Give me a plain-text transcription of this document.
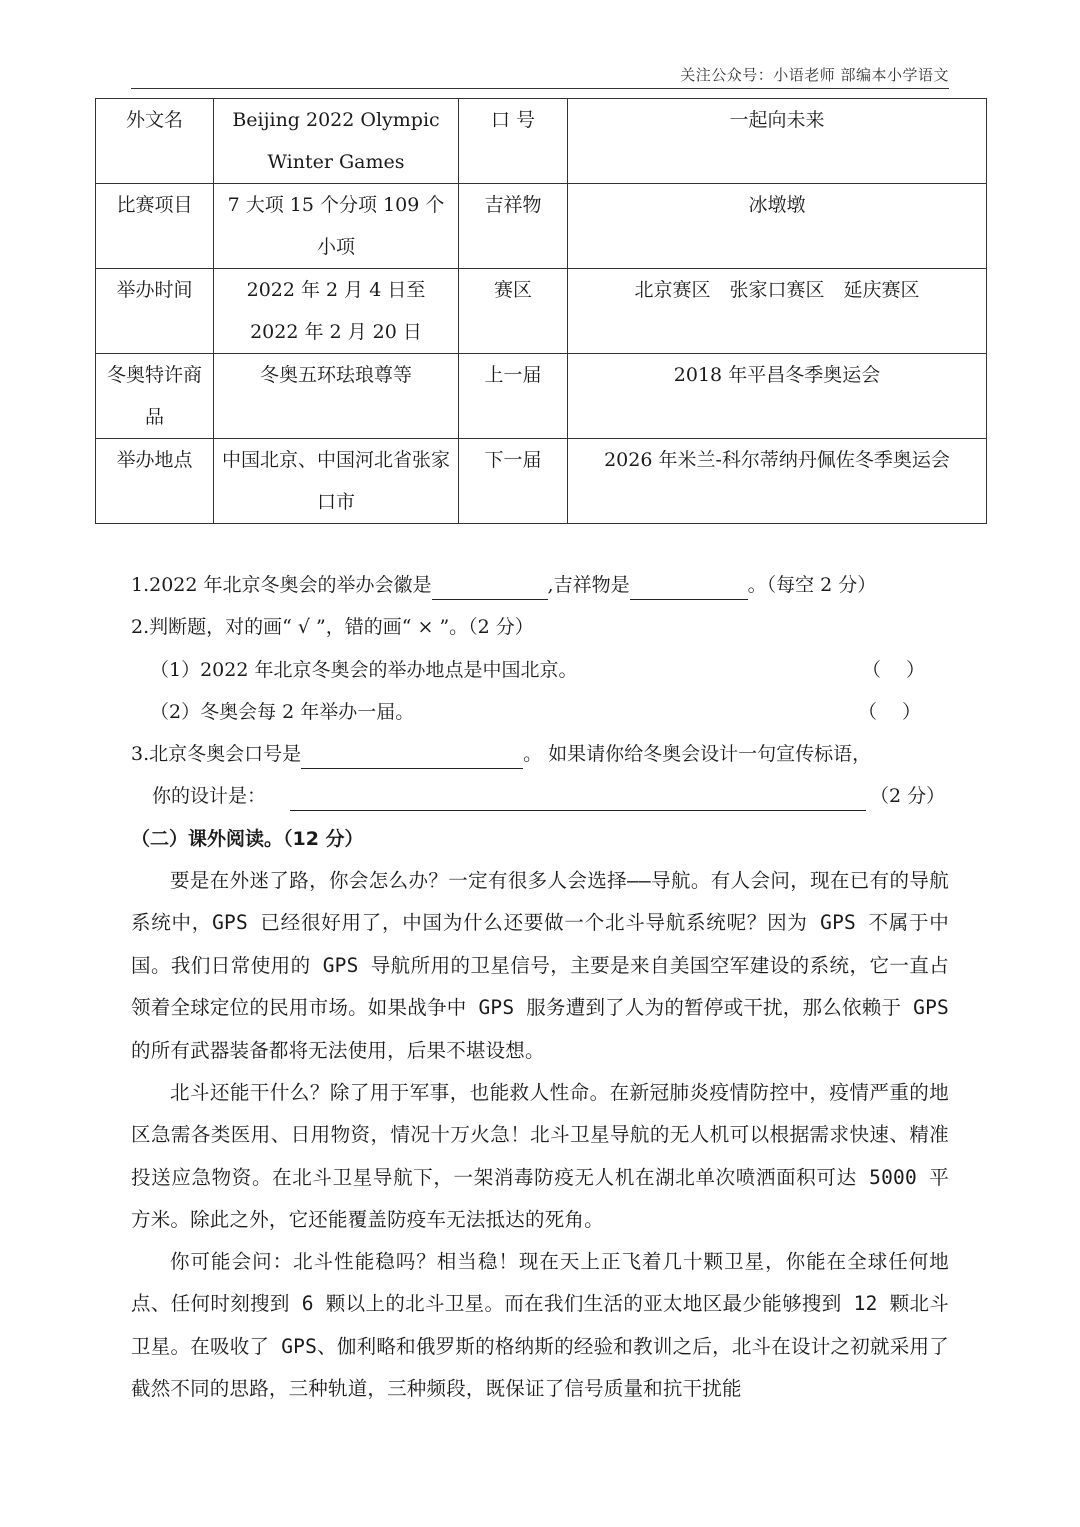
关注公众号：小语老师 部编本小学语文
外文名	Beijing 2022 Olympic Winter Games	口 号	一起向未来
比赛项目	7 大项 15 个分项 109 个小项	吉祥物	冰墩墩
举办时间	2022 年 2 月 4 日至 2022 年 2 月 20 日	赛区	北京赛区　张家口赛区　延庆赛区
冬奥特许商品	冬奥五环珐琅尊等	上一届	2018 年平昌冬季奥运会
举办地点	中国北京、中国河北省张家口市	下一届	2026 年米兰-科尔蒂纳丹佩佐冬季奥运会
1.2022 年北京冬奥会的举办会徽是	,吉祥物是	。（每空 2 分）
2.判断题，对的画“ √ ”，错的画“ × ”。（2 分）
（1）2022 年北京冬奥会的举办地点是中国北京。	（　 ）
（2）冬奥会每 2 年举办一届。	（　 ）
3.北京冬奥会口号是	。 如果请你给冬奥会设计一句宣传标语，
你的设计是：	（2 分）
（二）课外阅读。（12 分）

要是在外迷了路，你会怎么办？一定有很多人会选择——导航。有人会问，现在已有的导航系统中，GPS 已经很好用了，中国为什么还要做一个北斗导航系统呢？因为 GPS 不属于中国。我们日常使用的 GPS 导航所用的卫星信号，主要是来自美国空军建设的系统，它一直占领着全球定位的民用市场。如果战争中 GPS 服务遭到了人为的暂停或干扰，那么依赖于 GPS 的所有武器装备都将无法使用，后果不堪设想。

北斗还能干什么？除了用于军事，也能救人性命。在新冠肺炎疫情防控中，疫情严重的地区急需各类医用、日用物资，情况十万火急！北斗卫星导航的无人机可以根据需求快速、精准投送应急物资。在北斗卫星导航下，一架消毒防疫无人机在湖北单次喷洒面积可达 5000 平方米。除此之外，它还能覆盖防疫车无法抵达的死角。

你可能会问：北斗性能稳吗？相当稳！现在天上正飞着几十颗卫星，你能在全球任何地点、任何时刻搜到 6 颗以上的北斗卫星。而在我们生活的亚太地区最少能够搜到 12 颗北斗卫星。在吸收了 GPS、伽利略和俄罗斯的格纳斯的经验和教训之后，北斗在设计之初就采用了截然不同的思路，三种轨道，三种频段，既保证了信号质量和抗干扰能
